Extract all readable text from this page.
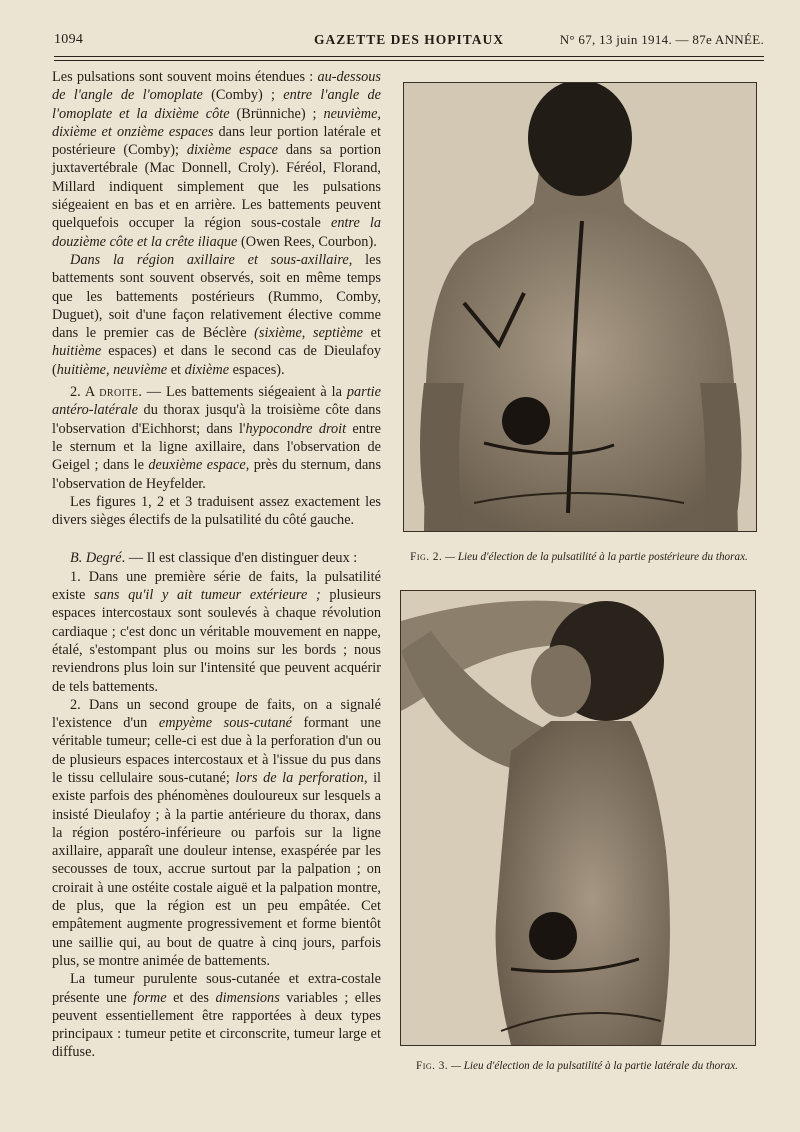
1094	GAZETTE DES HOPITAUX	N° 67, 13 juin 1914. — 87e ANNÉE.

Les pulsations sont souvent moins étendues : au-dessous de l'angle de l'omoplate (Comby) ; entre l'angle de l'omoplate et la dixième côte (Brünniche) ; neuvième, dixième et onzième espaces dans leur portion latérale et postérieure (Comby); dixième espace dans sa portion juxtavertébrale (Mac Donnell, Croly). Féréol, Florand, Millard indiquent simplement que les pulsations siégeaient en bas et en arrière. Les battements peuvent quelquefois occuper la région sous-costale entre la douzième côte et la crête iliaque (Owen Rees, Courbon).

Dans la région axillaire et sous-axillaire, les battements sont souvent observés, soit en même temps que les battements postérieurs (Rummo, Comby, Duguet), soit d'une façon relativement élective comme dans le premier cas de Béclère (sixième, septième et huitième espaces) et dans le second cas de Dieulafoy (huitième, neuvième et dixième espaces).

2. A droite. — Les battements siégeaient à la partie antéro-latérale du thorax jusqu'à la troisième côte dans l'observation d'Eichhorst; dans l'hypocondre droit entre le sternum et la ligne axillaire, dans l'observation de Geigel ; dans le deuxième espace, près du sternum, dans l'observation de Heyfelder.

Les figures 1, 2 et 3 traduisent assez exactement les divers sièges électifs de la pulsatilité du côté gauche.

B. Degré. — Il est classique d'en distinguer deux :

1. Dans une première série de faits, la pulsatilité existe sans qu'il y ait tumeur extérieure ; plusieurs espaces intercostaux sont soulevés à chaque révolution cardiaque ; c'est donc un véritable mouvement en nappe, étalé, s'estompant plus ou moins sur les bords ; nous reviendrons plus loin sur l'intensité que peuvent acquérir de tels battements.

2. Dans un second groupe de faits, on a signalé l'existence d'un empyème sous-cutané formant une véritable tumeur; celle-ci est due à la perforation d'un ou de plusieurs espaces intercostaux et à l'issue du pus dans le tissu cellulaire sous-cutané; lors de la perforation, il existe parfois des phénomènes douloureux sur lesquels a insisté Dieulafoy ; à la partie antérieure du thorax, dans la région postéro-inférieure ou parfois sur la ligne axillaire, apparaît une douleur intense, exaspérée par les secousses de toux, accrue surtout par la palpation ; on croirait à une ostéite costale aiguë et la palpation montre, de plus, que la région est un peu empâtée. Cet empâtement augmente progressivement et forme bientôt une saillie qui, au bout de quatre à cinq jours, parfois plus, se montre animée de battements.

La tumeur purulente sous-cutanée et extra-costale présente une forme et des dimensions variables ; elles peuvent essentiellement être rapportées à deux types principaux : tumeur petite et circonscrite, tumeur large et diffuse.

Fig. 2. — Lieu d'élection de la pulsatilité à la partie postérieure du thorax.
Fig. 3. — Lieu d'élection de la pulsatilité à la partie latérale du thorax.
